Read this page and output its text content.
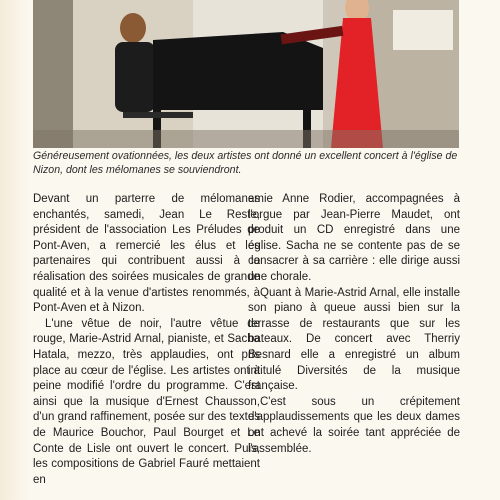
Généreusement ovationnées, les deux artistes ont donné un excellent concert à l'église de Nizon, dont les mélomanes se souviendront.

Devant un parterre de mélomanes enchantés, samedi, Jean Le Reste, président de l'association Les Préludes de Pont-Aven, a remercié les élus et les partenaires qui contribuent aussi à la réalisation des soirées musicales de grande qualité et à la venue d'artistes renommés, à Pont-Aven et à Nizon.

L'une vêtue de noir, l'autre vêtue de rouge, Marie-Astrid Arnal, pianiste, et Sacha Hatala, mezzo, très applaudies, ont pris place au cœur de l'église. Les artistes ont à peine modifié l'ordre du programme. C'est ainsi que la musique d'Ernest Chausson, d'un grand raffinement, posée sur des textes de Maurice Bouchor, Paul Bourget et Le Conte de Lisle ont ouvert le concert. Puis, les compositions de Gabriel Fauré mettaient en

amie Anne Rodier, accompagnées à l'orgue par Jean-Pierre Maudet, ont produit un CD enregistré dans une église. Sacha ne se contente pas de se consacrer à sa carrière : elle dirige aussi une chorale.

Quant à Marie-Astrid Arnal, elle installe son piano à queue aussi bien sur la terrasse de restaurants que sur les bateaux. De concert avec Therriy Besnard elle a enregistré un album intitulé Diversités de la musique française.

C'est sous un crépitement d'applaudissements que les deux dames ont achevé la soirée tant appréciée de l'assemblée.
